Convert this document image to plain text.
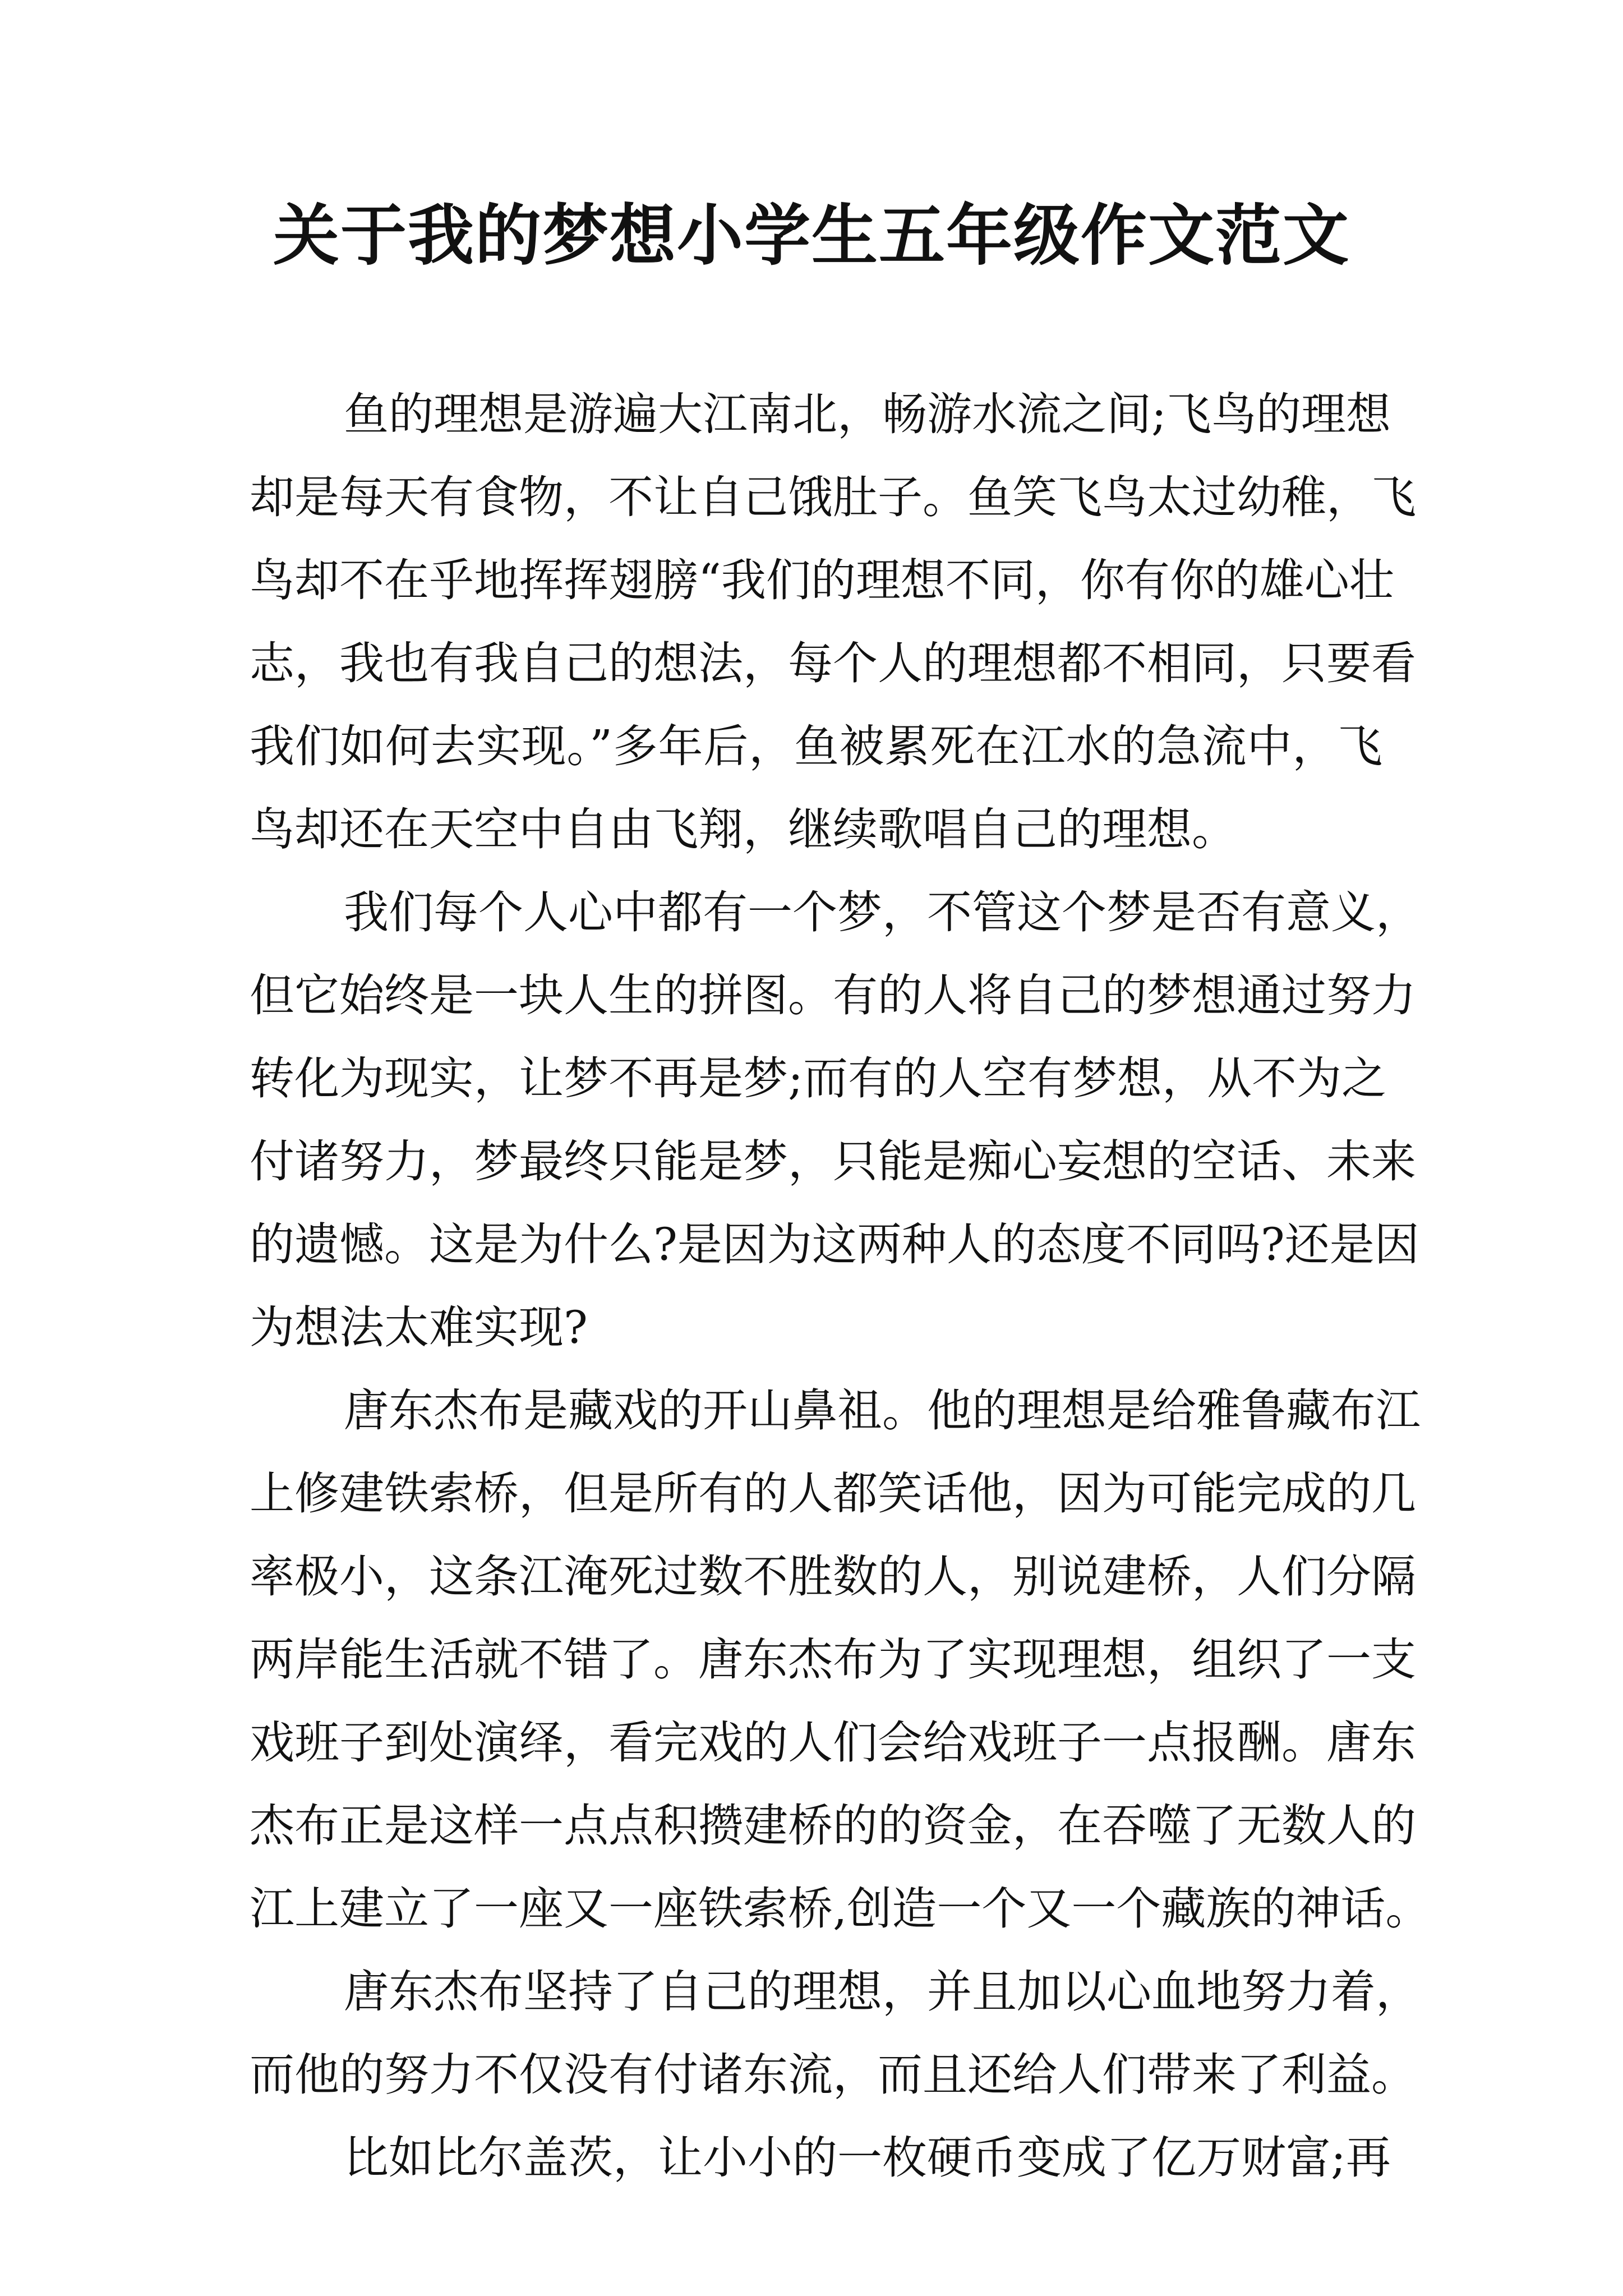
关于我的梦想小学生五年级作文范文
鱼的理想是游遍大江南北，畅游水流之间;飞鸟的理想
却是每天有食物，不让自己饿肚子。鱼笑飞鸟太过幼稚，飞
鸟却不在乎地挥挥翅膀“我们的理想不同，你有你的雄心壮
志，我也有我自己的想法，每个人的理想都不相同，只要看
我们如何去实现。”多年后，鱼被累死在江水的急流中，飞
鸟却还在天空中自由飞翔，继续歌唱自己的理想。
我们每个人心中都有一个梦，不管这个梦是否有意义，
但它始终是一块人生的拼图。有的人将自己的梦想通过努力
转化为现实，让梦不再是梦;而有的人空有梦想，从不为之
付诸努力，梦最终只能是梦，只能是痴心妄想的空话、未来
的遗憾。这是为什么?是因为这两种人的态度不同吗?还是因
为想法太难实现?
唐东杰布是藏戏的开山鼻祖。他的理想是给雅鲁藏布江
上修建铁索桥，但是所有的人都笑话他，因为可能完成的几
率极小，这条江淹死过数不胜数的人，别说建桥，人们分隔
两岸能生活就不错了。唐东杰布为了实现理想，组织了一支
戏班子到处演绎，看完戏的人们会给戏班子一点报酬。唐东
杰布正是这样一点点积攒建桥的的资金，在吞噬了无数人的
江上建立了一座又一座铁索桥,创造一个又一个藏族的神话。
唐东杰布坚持了自己的理想，并且加以心血地努力着，
而他的努力不仅没有付诸东流，而且还给人们带来了利益。
比如比尔盖茨，让小小的一枚硬币变成了亿万财富;再
